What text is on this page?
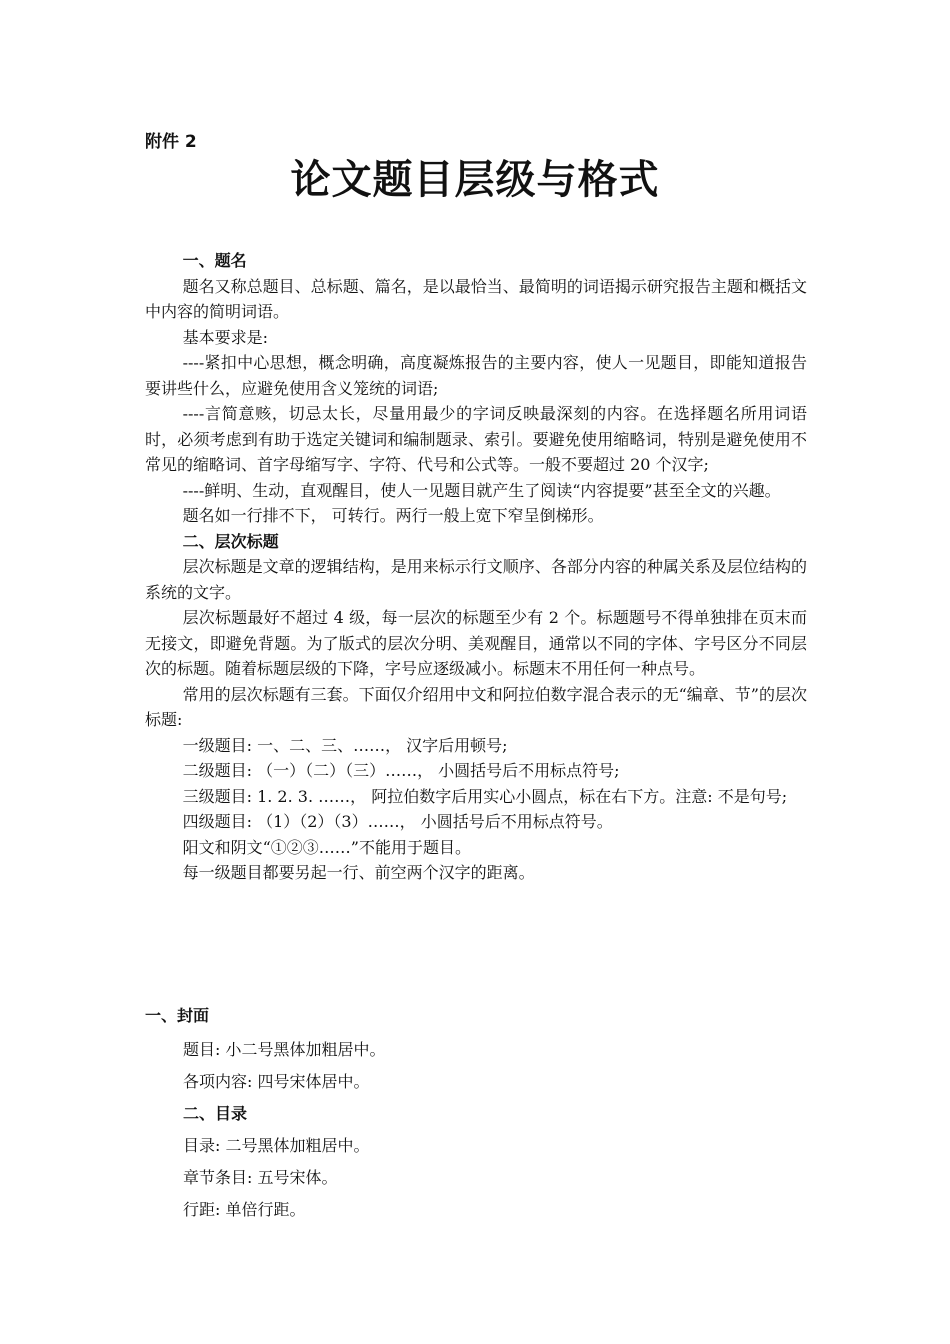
附件 2
论文题目层级与格式

一、题名

题名又称总题目、总标题、篇名，是以最恰当、最简明的词语揭示研究报告主题和概括文中内容的简明词语。

基本要求是:

----紧扣中心思想，概念明确，高度凝炼报告的主要内容，使人一见题目，即能知道报告要讲些什么，应避免使用含义笼统的词语;

----言简意赅，切忌太长，尽量用最少的字词反映最深刻的内容。在选择题名所用词语时，必须考虑到有助于选定关键词和编制题录、索引。要避免使用缩略词，特别是避免使用不常见的缩略词、首字母缩写字、字符、代号和公式等。一般不要超过 20 个汉字;

----鲜明、生动，直观醒目，使人一见题目就产生了阅读“内容提要”甚至全文的兴趣。

题名如一行排不下， 可转行。两行一般上宽下窄呈倒梯形。

二、层次标题

层次标题是文章的逻辑结构，是用来标示行文顺序、各部分内容的种属关系及层位结构的系统的文字。

层次标题最好不超过 4 级，每一层次的标题至少有 2 个。标题题号不得单独排在页末而无接文，即避免背题。为了版式的层次分明、美观醒目，通常以不同的字体、字号区分不同层次的标题。随着标题层级的下降，字号应逐级减小。标题末不用任何一种点号。

常用的层次标题有三套。下面仅介绍用中文和阿拉伯数字混合表示的无“编章、节”的层次标题:

一级题目: 一、二、三、……， 汉字后用顿号;

二级题目: （一）（二）（三）……， 小圆括号后不用标点符号;

三级题目: 1. 2. 3. ……， 阿拉伯数字后用实心小圆点，标在右下方。注意: 不是句号;

四级题目: （1）（2）（3）……， 小圆括号后不用标点符号。

阳文和阴文“①②③……”不能用于题目。

每一级题目都要另起一行、前空两个汉字的距离。

一、封面
题目: 小二号黑体加粗居中。
各项内容: 四号宋体居中。
二、目录
目录: 二号黑体加粗居中。
章节条目: 五号宋体。
行距: 单倍行距。
